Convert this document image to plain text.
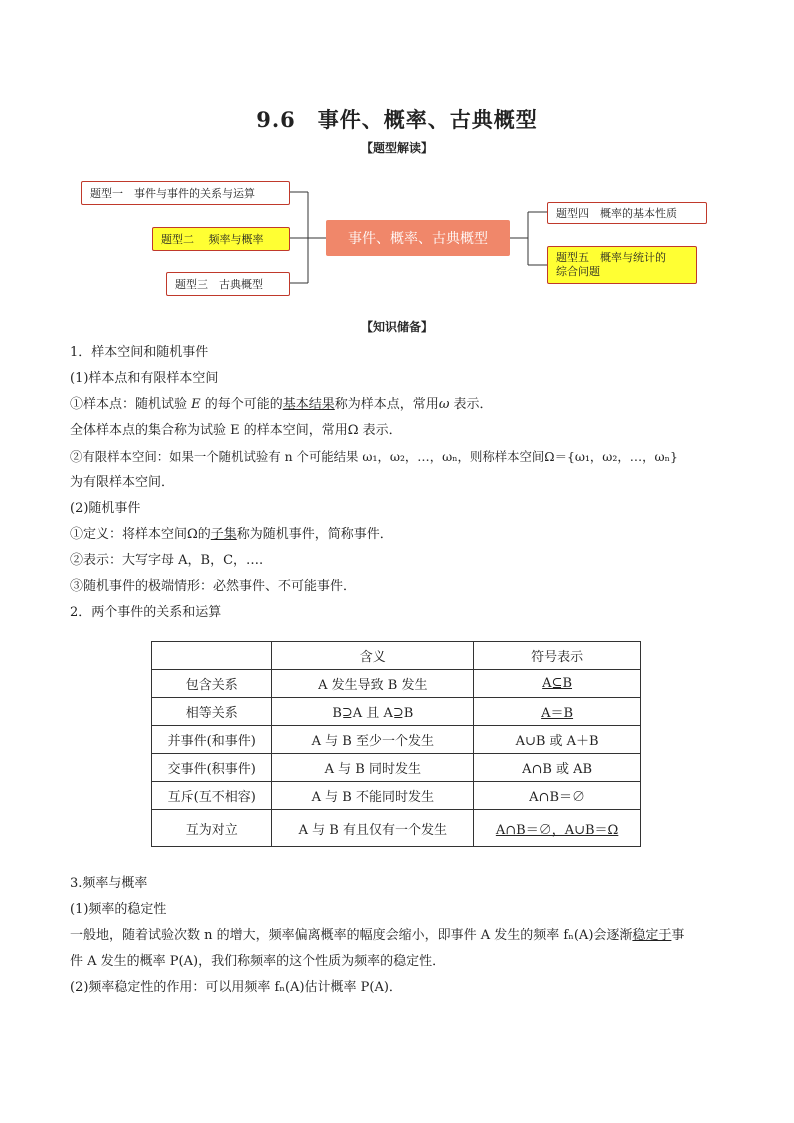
9.6　事件、概率、古典概型
【题型解读】
题型一　事件与事件的关系与运算
题型二　 频率与概率
题型三　古典概型
事件、概率、古典概型
题型四　概率的基本性质
题型五　概率与统计的
综合问题
【知识储备】

1．样本空间和随机事件

(1)样本点和有限样本空间

①样本点：随机试验 E 的每个可能的基本结果称为样本点，常用ω 表示．

全体样本点的集合称为试验 E 的样本空间，常用Ω 表示．

②有限样本空间：如果一个随机试验有 n 个可能结果 ω₁，ω₂，…，ωₙ，则称样本空间Ω＝{ω₁，ω₂，…，ωₙ}

为有限样本空间．

(2)随机事件

①定义：将样本空间Ω的子集称为随机事件，简称事件．

②表示：大写字母 A，B，C，….

③随机事件的极端情形：必然事件、不可能事件．

2．两个事件的关系和运算

	含义	符号表示
包含关系	A 发生导致 B 发生	A⊆B
相等关系	B⊇A 且 A⊇B	A＝B
并事件(和事件)	A 与 B 至少一个发生	A∪B 或 A＋B
交事件(积事件)	A 与 B 同时发生	A∩B 或 AB
互斥(互不相容)	A 与 B 不能同时发生	A∩B＝∅
互为对立	A 与 B 有且仅有一个发生	A∩B＝∅，A∪B＝Ω

3.频率与概率

(1)频率的稳定性

一般地，随着试验次数 n 的增大，频率偏离概率的幅度会缩小，即事件 A 发生的频率 fₙ(A)会逐渐稳定于事

件 A 发生的概率 P(A)，我们称频率的这个性质为频率的稳定性．

(2)频率稳定性的作用：可以用频率 fₙ(A)估计概率 P(A)．
